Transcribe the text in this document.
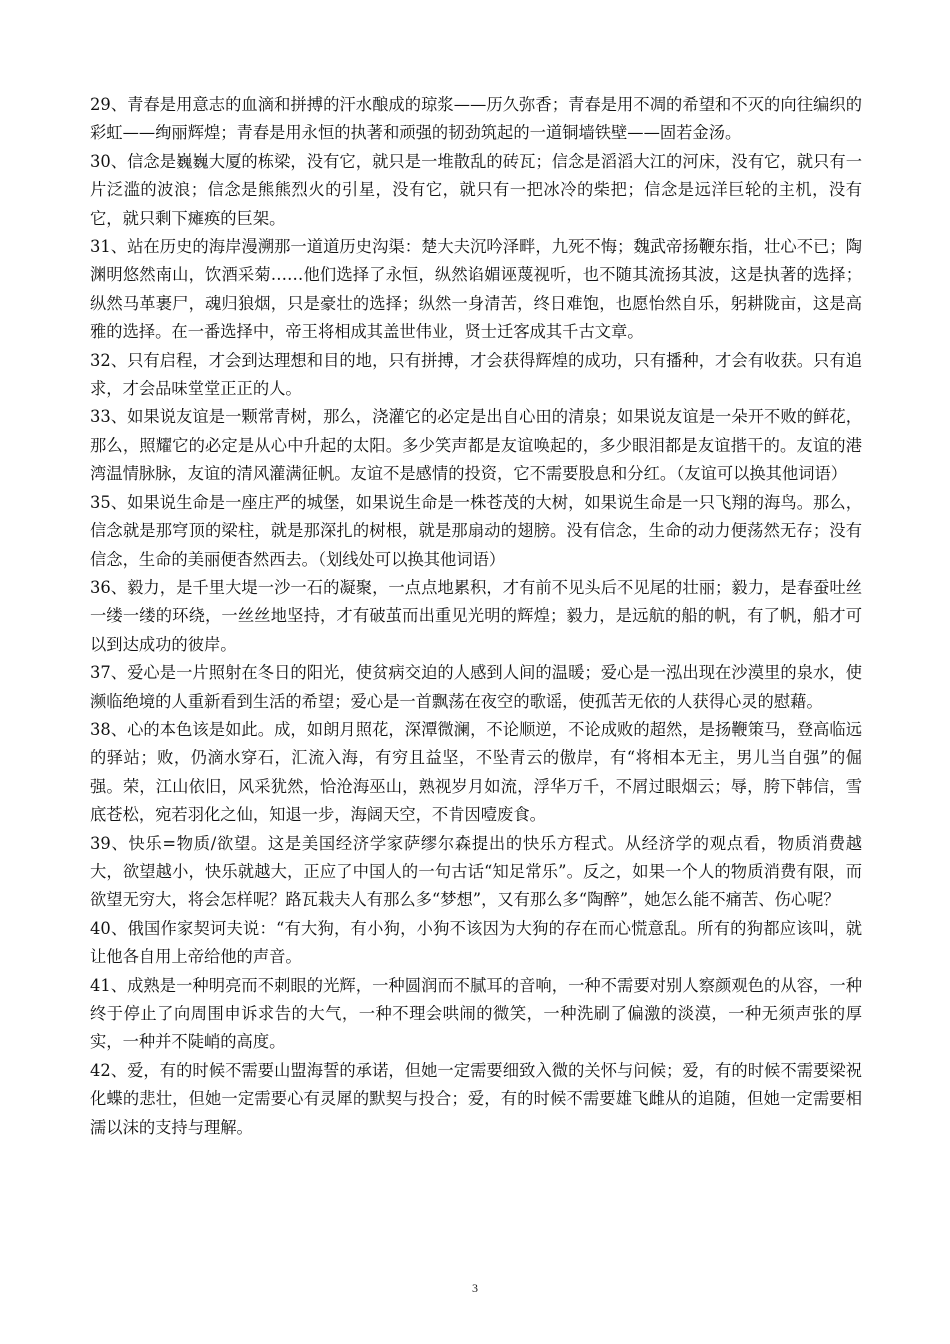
29、青春是用意志的血滴和拼搏的汗水酿成的琼浆——历久弥香；青春是用不凋的希望和不灭的向往编织的彩虹——绚丽辉煌；青春是用永恒的执著和顽强的韧劲筑起的一道铜墙铁壁——固若金汤。

30、信念是巍巍大厦的栋梁，没有它，就只是一堆散乱的砖瓦；信念是滔滔大江的河床，没有它，就只有一片泛滥的波浪；信念是熊熊烈火的引星，没有它，就只有一把冰冷的柴把；信念是远洋巨轮的主机，没有它，就只剩下瘫痪的巨架。

31、站在历史的海岸漫溯那一道道历史沟渠：楚大夫沉吟泽畔，九死不悔；魏武帝扬鞭东指，壮心不已；陶渊明悠然南山，饮酒采菊……他们选择了永恒，纵然谄媚诬蔑视听，也不随其流扬其波，这是执著的选择；纵然马革裹尸，魂归狼烟，只是豪壮的选择；纵然一身清苦，终日难饱，也愿怡然自乐，躬耕陇亩，这是高雅的选择。在一番选择中，帝王将相成其盖世伟业，贤士迁客成其千古文章。

32、只有启程，才会到达理想和目的地，只有拼搏，才会获得辉煌的成功，只有播种，才会有收获。只有追求，才会品味堂堂正正的人。

33、如果说友谊是一颗常青树，那么，浇灌它的必定是出自心田的清泉；如果说友谊是一朵开不败的鲜花，那么，照耀它的必定是从心中升起的太阳。多少笑声都是友谊唤起的，多少眼泪都是友谊揩干的。友谊的港湾温情脉脉，友谊的清风灌满征帆。友谊不是感情的投资，它不需要股息和分红。（友谊可以换其他词语）

35、如果说生命是一座庄严的城堡，如果说生命是一株苍茂的大树，如果说生命是一只飞翔的海鸟。那么，信念就是那穹顶的梁柱，就是那深扎的树根，就是那扇动的翅膀。没有信念，生命的动力便荡然无存；没有信念，生命的美丽便杳然西去。（划线处可以换其他词语）

36、毅力，是千里大堤一沙一石的凝聚，一点点地累积，才有前不见头后不见尾的壮丽；毅力，是春蚕吐丝一缕一缕的环绕，一丝丝地坚持，才有破茧而出重见光明的辉煌；毅力，是远航的船的帆，有了帆，船才可以到达成功的彼岸。

37、爱心是一片照射在冬日的阳光，使贫病交迫的人感到人间的温暖；爱心是一泓出现在沙漠里的泉水，使濒临绝境的人重新看到生活的希望；爱心是一首飘荡在夜空的歌谣，使孤苦无依的人获得心灵的慰藉。

38、心的本色该是如此。成，如朗月照花，深潭微澜，不论顺逆，不论成败的超然，是扬鞭策马，登高临远的驿站；败，仍滴水穿石，汇流入海，有穷且益坚，不坠青云的傲岸，有“将相本无主，男儿当自强”的倔强。荣，江山依旧，风采犹然，恰沧海巫山，熟视岁月如流，浮华万千，不屑过眼烟云；辱，胯下韩信，雪底苍松，宛若羽化之仙，知退一步，海阔天空，不肯因噎废食。

39、快乐=物质/欲望。这是美国经济学家萨缪尔森提出的快乐方程式。从经济学的观点看，物质消费越大，欲望越小，快乐就越大，正应了中国人的一句古话“知足常乐”。反之，如果一个人的物质消费有限，而欲望无穷大，将会怎样呢？路瓦栽夫人有那么多“梦想”，又有那么多“陶醉”，她怎么能不痛苦、伤心呢？

40、俄国作家契诃夫说：“有大狗，有小狗，小狗不该因为大狗的存在而心慌意乱。所有的狗都应该叫，就让他各自用上帝给他的声音。

41、成熟是一种明亮而不刺眼的光辉，一种圆润而不腻耳的音响，一种不需要对别人察颜观色的从容，一种终于停止了向周围申诉求告的大气，一种不理会哄闹的微笑，一种洗刷了偏激的淡漠，一种无须声张的厚实，一种并不陡峭的高度。

42、爱，有的时候不需要山盟海誓的承诺，但她一定需要细致入微的关怀与问候；爱，有的时候不需要梁祝化蝶的悲壮，但她一定需要心有灵犀的默契与投合；爱，有的时候不需要雄飞雌从的追随，但她一定需要相濡以沫的支持与理解。

3
